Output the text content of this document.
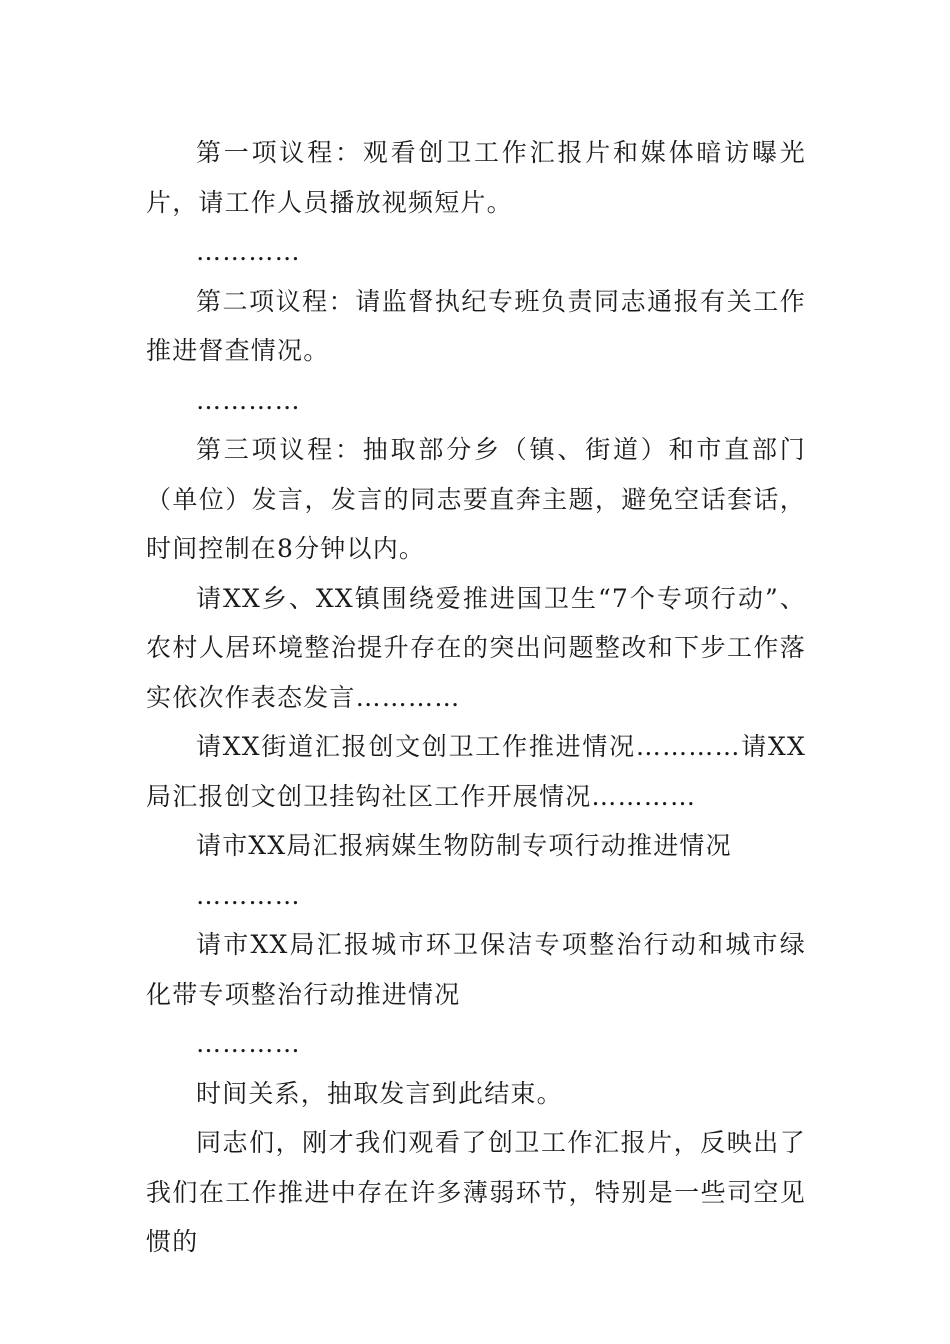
第一项议程：观看创卫工作汇报片和媒体暗访曝光片，请工作人员播放视频短片。

…………

第二项议程：请监督执纪专班负责同志通报有关工作推进督查情况。

…………

第三项议程：抽取部分乡（镇、街道）和市直部门（单位）发言，发言的同志要直奔主题，避免空话套话，时间控制在8分钟以内。

请XX乡、XX镇围绕爱推进国卫生“7个专项行动”、农村人居环境整治提升存在的突出问题整改和下步工作落实依次作表态发言…………

请XX街道汇报创文创卫工作推进情况…………请XX局汇报创文创卫挂钩社区工作开展情况…………

请市XX局汇报病媒生物防制专项行动推进情况

…………

请市XX局汇报城市环卫保洁专项整治行动和城市绿化带专项整治行动推进情况

…………

时间关系，抽取发言到此结束。

同志们，刚才我们观看了创卫工作汇报片，反映出了我们在工作推进中存在许多薄弱环节，特别是一些司空见惯的
